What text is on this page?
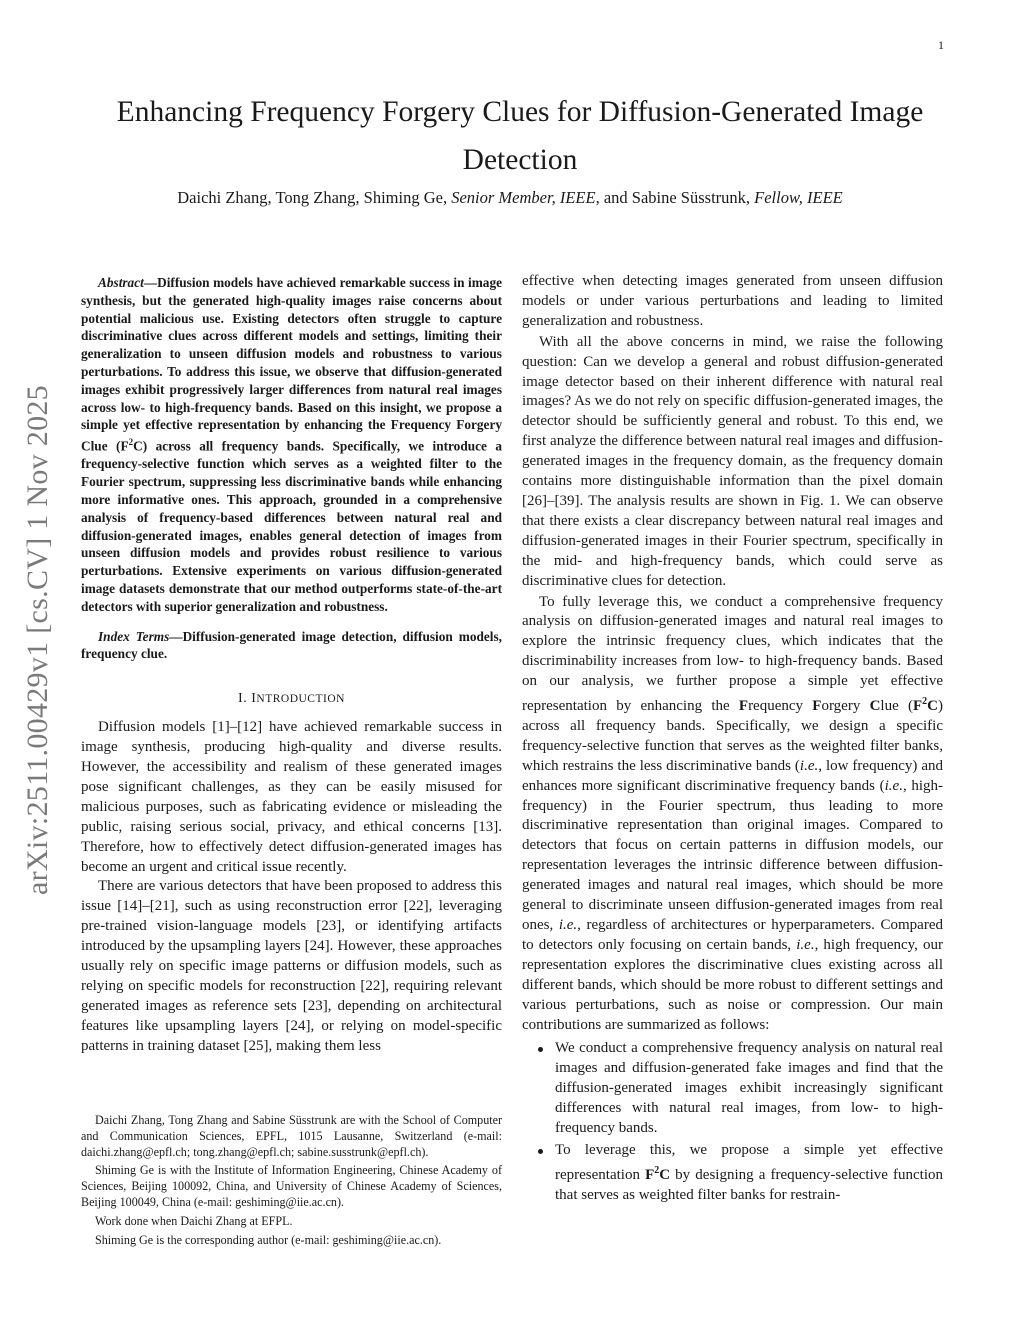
1
arXiv:2511.00429v1 [cs.CV] 1 Nov 2025
Enhancing Frequency Forgery Clues for Diffusion-Generated Image Detection
Daichi Zhang, Tong Zhang, Shiming Ge, Senior Member, IEEE, and Sabine Süsstrunk, Fellow, IEEE

Abstract—Diffusion models have achieved remarkable success in image synthesis, but the generated high-quality images raise concerns about potential malicious use. Existing detectors often struggle to capture discriminative clues across different models and settings, limiting their generalization to unseen diffusion models and robustness to various perturbations. To address this issue, we observe that diffusion-generated images exhibit progressively larger differences from natural real images across low- to high-frequency bands. Based on this insight, we propose a simple yet effective representation by enhancing the Frequency Forgery Clue $(F^2C)$ across all frequency bands. Specifically, we introduce a frequency-selective function which serves as a weighted filter to the Fourier spectrum, suppressing less discriminative bands while enhancing more informative ones. This approach, grounded in a comprehensive analysis of frequency-based differences between natural real and diffusion-generated images, enables general detection of images from unseen diffusion models and provides robust resilience to various perturbations. Extensive experiments on various diffusion-generated image datasets demonstrate that our method outperforms state-of-the-art detectors with superior generalization and robustness.

Index Terms—Diffusion-generated image detection, diffusion models, frequency clue.

I. INTRODUCTION

Diffusion models [1]–[12] have achieved remarkable success in image synthesis, producing high-quality and diverse results. However, the accessibility and realism of these generated images pose significant challenges, as they can be easily misused for malicious purposes, such as fabricating evidence or misleading the public, raising serious social, privacy, and ethical concerns [13]. Therefore, how to effectively detect diffusion-generated images has become an urgent and critical issue recently.

There are various detectors that have been proposed to address this issue [14]–[21], such as using reconstruction error [22], leveraging pre-trained vision-language models [23], or identifying artifacts introduced by the upsampling layers [24]. However, these approaches usually rely on specific image patterns or diffusion models, such as relying on specific models for reconstruction [22], requiring relevant generated images as reference sets [23], depending on architectural features like upsampling layers [24], or relying on model-specific patterns in training dataset [25], making them less

Daichi Zhang, Tong Zhang and Sabine Süsstrunk are with the School of Computer and Communication Sciences, EPFL, 1015 Lausanne, Switzerland (e-mail: daichi.zhang@epfl.ch; tong.zhang@epfl.ch; sabine.susstrunk@epfl.ch).

Shiming Ge is with the Institute of Information Engineering, Chinese Academy of Sciences, Beijing 100092, China, and University of Chinese Academy of Sciences, Beijing 100049, China (e-mail: geshiming@iie.ac.cn).

Work done when Daichi Zhang at EFPL.

Shiming Ge is the corresponding author (e-mail: geshiming@iie.ac.cn).

effective when detecting images generated from unseen diffusion models or under various perturbations and leading to limited generalization and robustness.

With all the above concerns in mind, we raise the following question: Can we develop a general and robust diffusion-generated image detector based on their inherent difference with natural real images? As we do not rely on specific diffusion-generated images, the detector should be sufficiently general and robust. To this end, we first analyze the difference between natural real images and diffusion-generated images in the frequency domain, as the frequency domain contains more distinguishable information than the pixel domain [26]–[39]. The analysis results are shown in Fig. 1. We can observe that there exists a clear discrepancy between natural real images and diffusion-generated images in their Fourier spectrum, specifically in the mid- and high-frequency bands, which could serve as discriminative clues for detection.

To fully leverage this, we conduct a comprehensive frequency analysis on diffusion-generated images and natural real images to explore the intrinsic frequency clues, which indicates that the discriminability increases from low- to high-frequency bands. Based on our analysis, we further propose a simple yet effective representation by enhancing the Frequency Forgery Clue $(F^2C)$ across all frequency bands. Specifically, we design a specific frequency-selective function that serves as the weighted filter banks, which restrains the less discriminative bands (i.e., low frequency) and enhances more significant discriminative frequency bands (i.e., high-frequency) in the Fourier spectrum, thus leading to more discriminative representation than original images. Compared to detectors that focus on certain patterns in diffusion models, our representation leverages the intrinsic difference between diffusion-generated images and natural real images, which should be more general to discriminate unseen diffusion-generated images from real ones, i.e., regardless of architectures or hyperparameters. Compared to detectors only focusing on certain bands, i.e., high frequency, our representation explores the discriminative clues existing across all different bands, which should be more robust to different settings and various perturbations, such as noise or compression. Our main contributions are summarized as follows:

We conduct a comprehensive frequency analysis on natural real images and diffusion-generated fake images and find that the diffusion-generated images exhibit increasingly significant differences with natural real images, from low- to high-frequency bands.
To leverage this, we propose a simple yet effective representation $F^2C$ by designing a frequency-selective function that serves as weighted filter banks for restrain-
